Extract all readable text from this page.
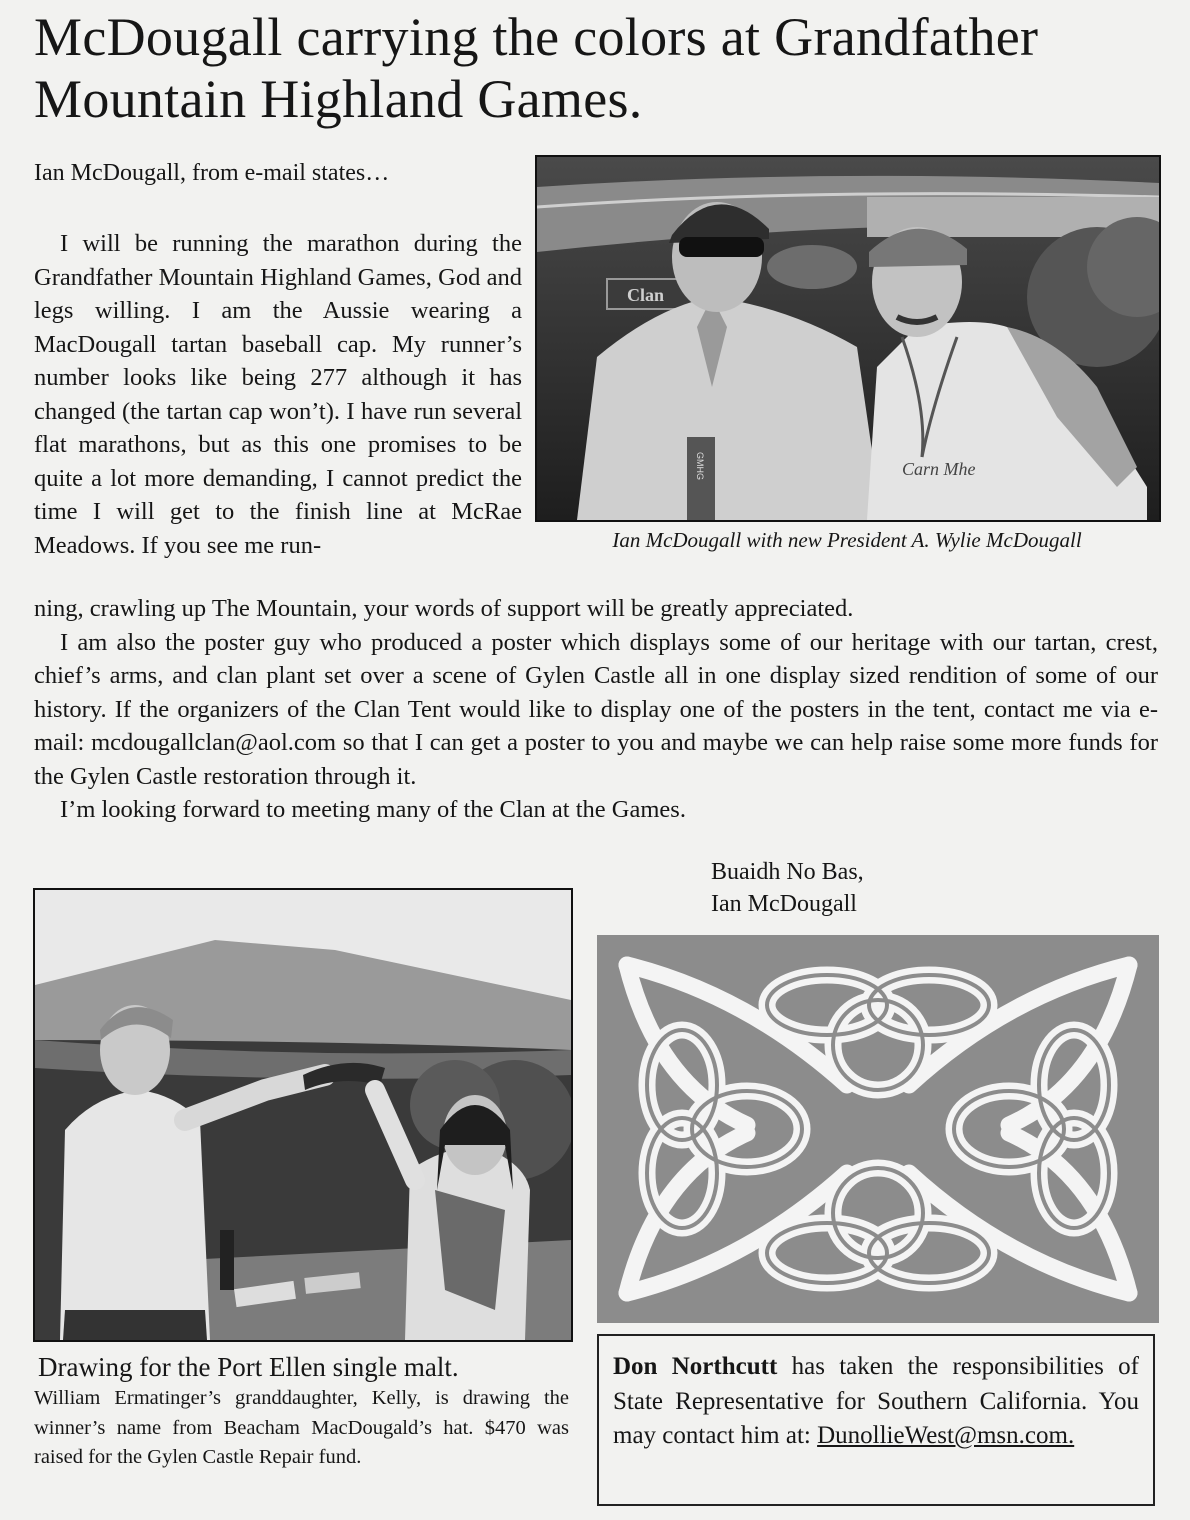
McDougall carrying the colors at Grandfather Mountain Highland Games.
Ian McDougall, from e-mail states…

I will be running the marathon during the Grandfather Mountain Highland Games, God and legs willing. I am the Aussie wearing a MacDougall tartan baseball cap. My runner’s number looks like being 277 although it has changed (the tartan cap won’t). I have run several flat marathons, but as this one promises to be quite a lot more demanding, I cannot predict the time I will get to the finish line at McRae Meadows. If you see me run-

Clan
GMHG	Carn Mhe
Ian McDougall with new President A. Wylie McDougall

ning, crawling up The Mountain, your words of support will be greatly appreciated.

I am also the poster guy who produced a poster which displays some of our heritage with our tartan, crest, chief’s arms, and clan plant set over a scene of Gylen Castle all in one display sized rendition of some of our history. If the organizers of the Clan Tent would like to display one of the posters in the tent, contact me via e-mail: mcdougallclan@aol.com so that I can get a poster to you and maybe we can help raise some more funds for the Gylen Castle restoration through it.

I’m looking forward to meeting many of the Clan at the Games.

Buaidh No Bas,
Ian McDougall
Drawing for the Port Ellen single malt.
William Ermatinger’s granddaughter, Kelly, is drawing the winner’s name from Beacham MacDougald’s hat. $470 was raised for the Gylen Castle Repair fund.
Don Northcutt has taken the responsibilities of State Representative for Southern California. You may contact him at: DunollieWest@msn.com.
